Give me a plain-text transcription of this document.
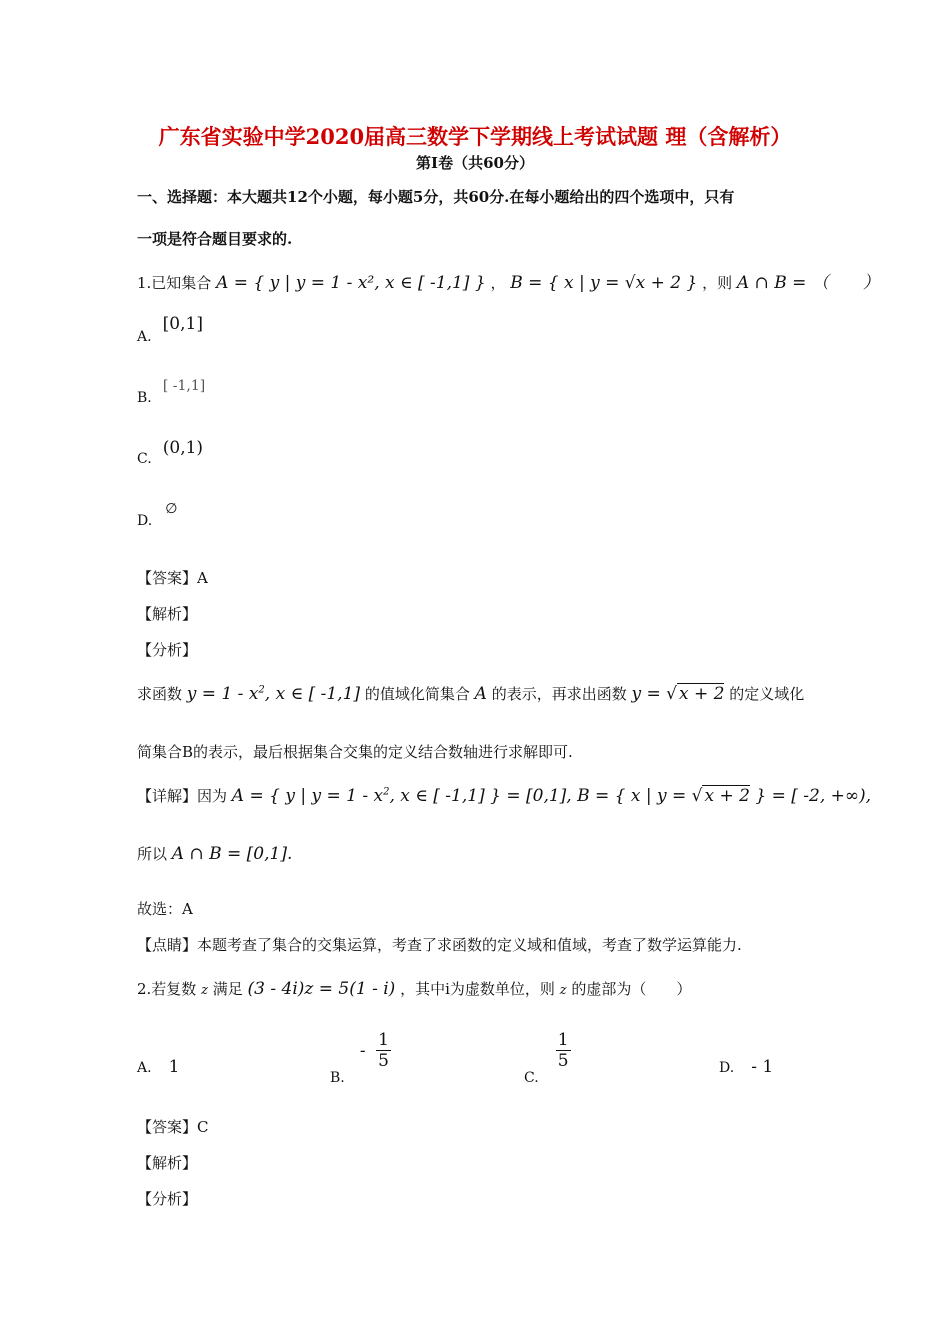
广东省实验中学2020届高三数学下学期线上考试试题 理（含解析）
第Ⅰ卷（共60分）
一、选择题：本大题共12个小题，每小题5分，共60分.在每小题给出的四个选项中，只有
一项是符合题目要求的.
1.已知集合 A = { y | y = 1 - x², x ∈ [ -1,1] } ， B = { x | y = √x + 2 } ，则 A ∩ B = （　　）
A. [0,1]
B. [ -1,1]
C. (0,1)
D. ∅
【答案】A
【解析】
【分析】
求函数 $y = 1 - x^2$, x ∈ [ -1,1] 的值域化简集合 A 的表示，再求出函数 y = √ x + 2 的定义域化
简集合B的表示，最后根据集合交集的定义结合数轴进行求解即可.
【详解】因为 A = { y | $y = 1 - x^2$, x ∈ [ -1,1] } = [0,1], B = { x | y = √ x + 2 } = [ -2, +∞),
所以 A ∩ B = [0,1].
故选：A
【点睛】本题考查了集合的交集运算，考查了求函数的定义域和值域，考查了数学运算能力.
2.若复数 z 满足 (3 - 4i)z = 5(1 - i) ，其中i为虚数单位，则 z 的虚部为（　　）
A. 1
B. - $\frac{1}{5}$
C.
$\frac{1}{5}$	D. - 1
【答案】C
【解析】
【分析】
